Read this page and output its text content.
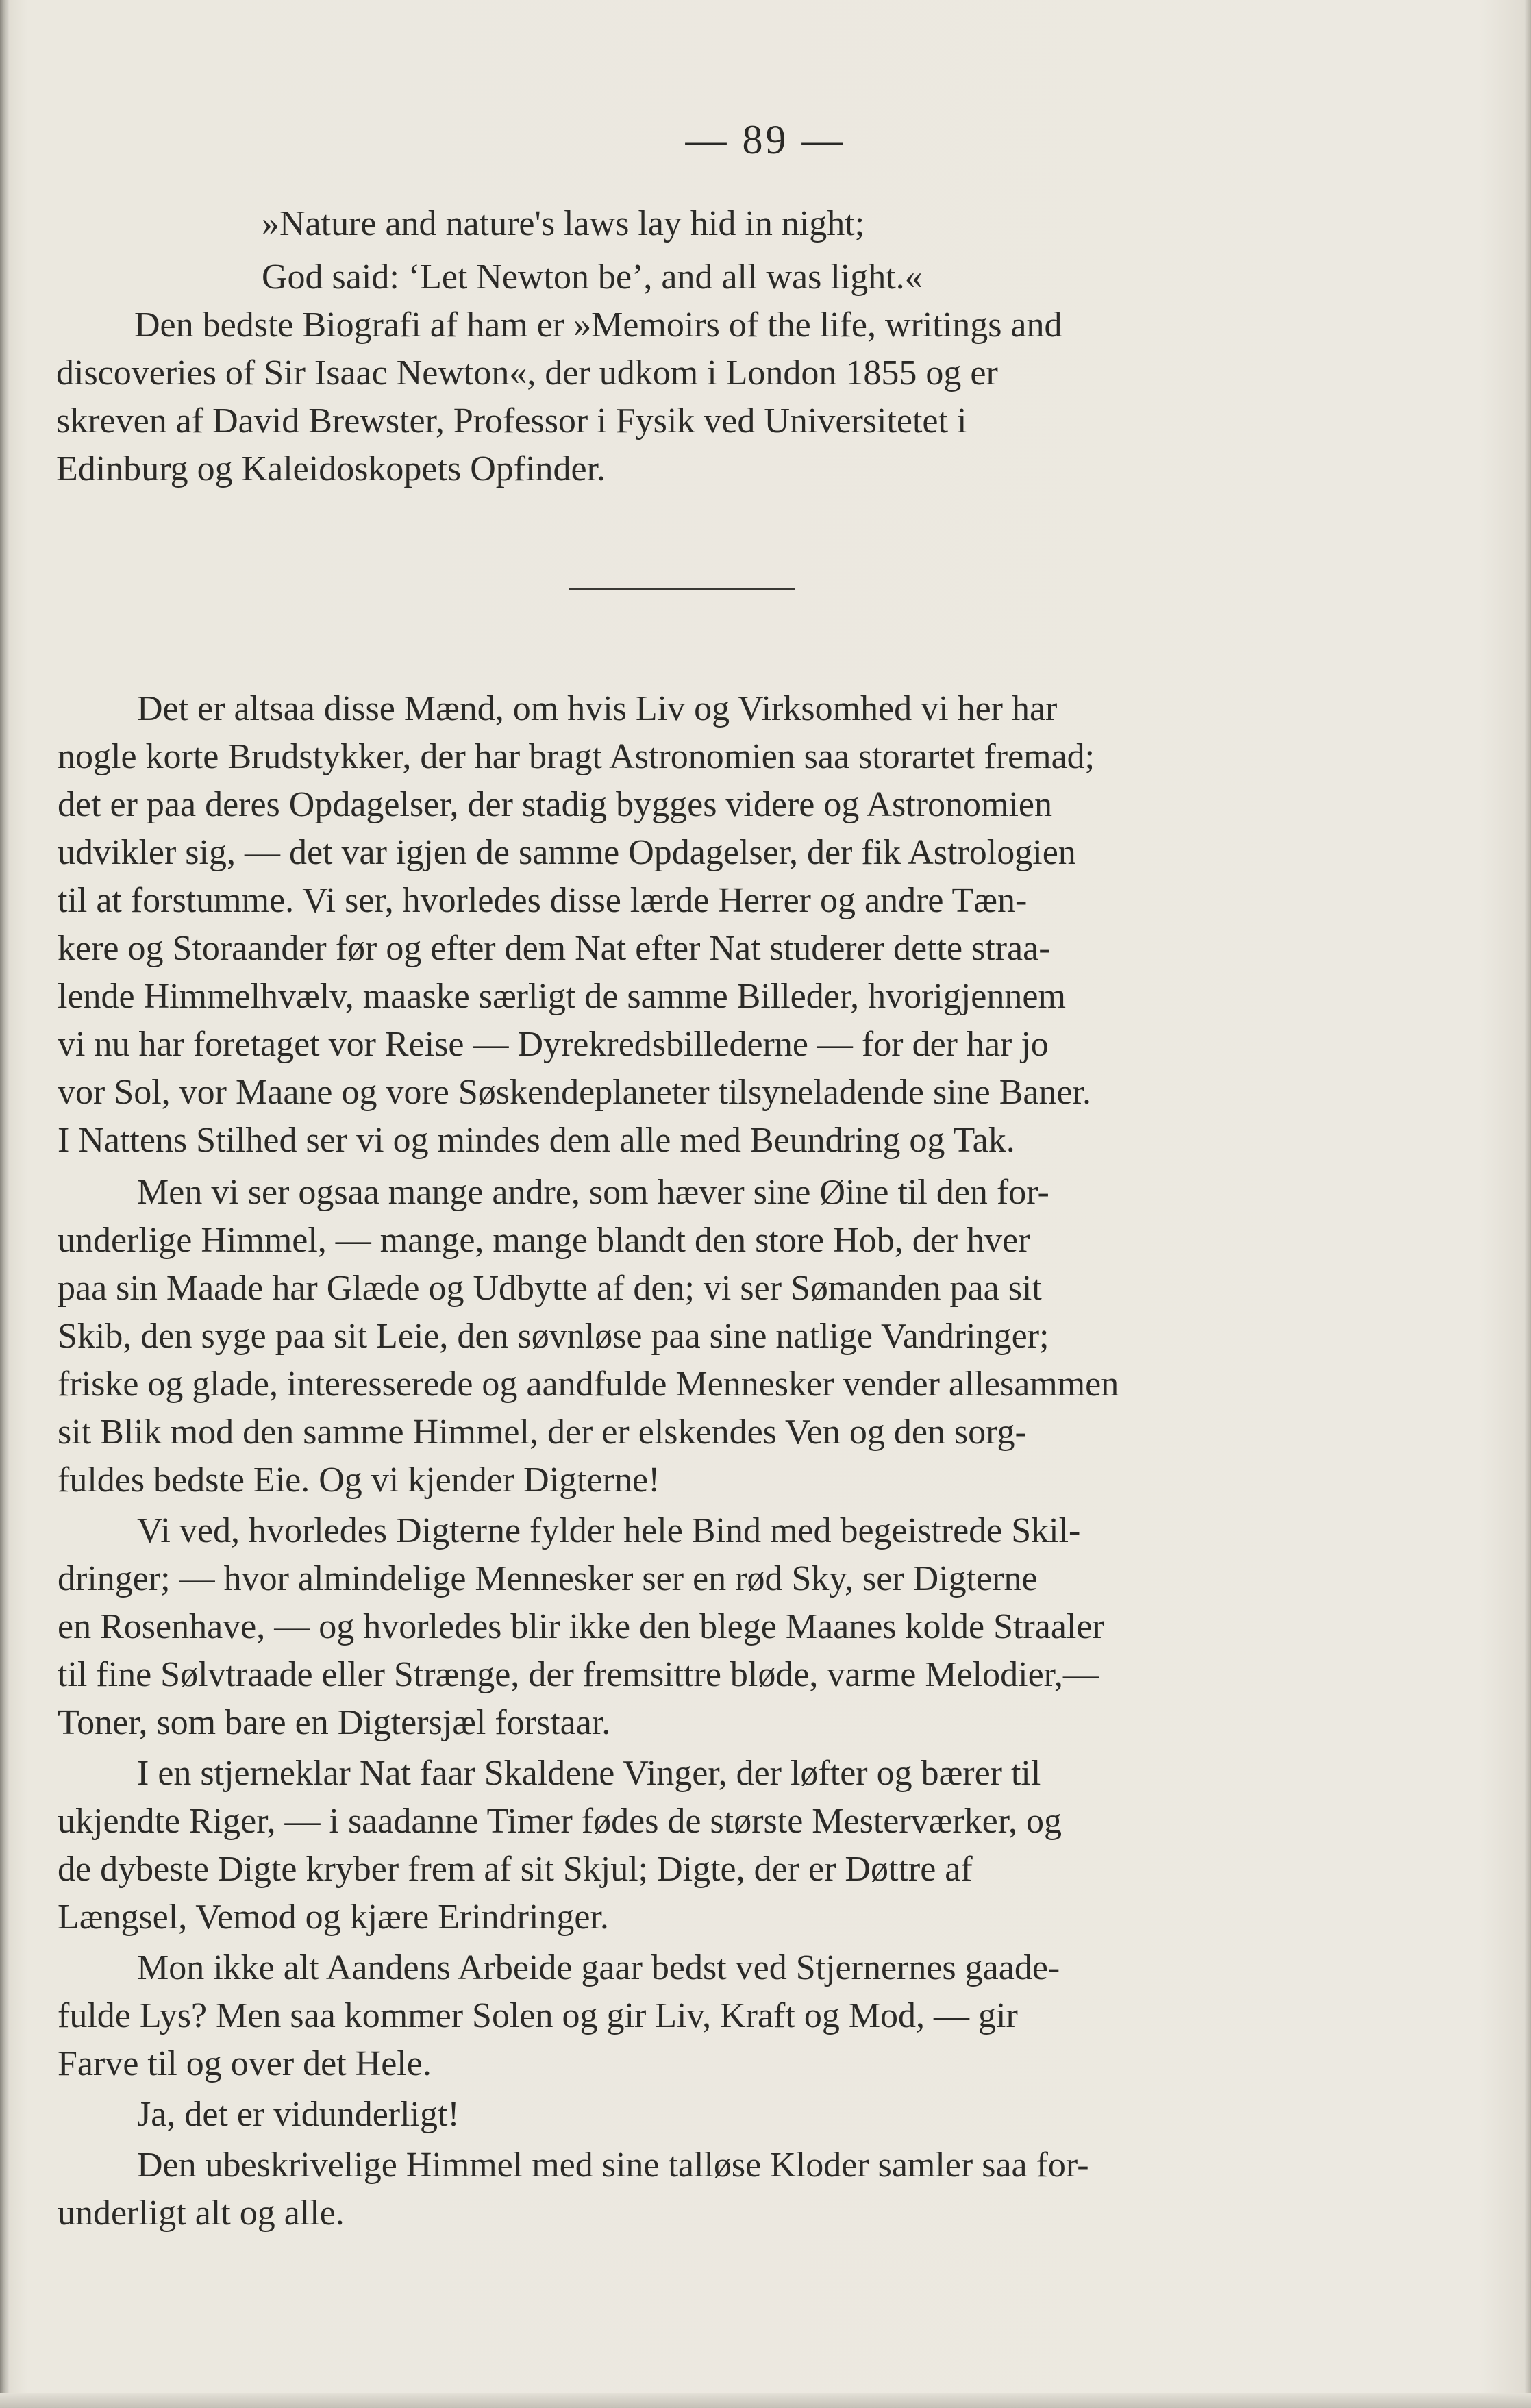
— 89 —
»Nature and nature's laws lay hid in night;
God said: ‘Let Newton be’, and all was light.«
Den bedste Biografi af ham er »Memoirs of the life, writings and
discoveries of Sir Isaac Newton«, der udkom i London 1855 og er
skreven af David Brewster, Professor i Fysik ved Universitetet i
Edinburg og Kaleidoskopets Opfinder.
Det er altsaa disse Mænd, om hvis Liv og Virksomhed vi her har
nogle korte Brudstykker, der har bragt Astronomien saa storartet fremad;
det er paa deres Opdagelser, der stadig bygges videre og Astronomien
udvikler sig, — det var igjen de samme Opdagelser, der fik Astrologien
til at forstumme. Vi ser, hvorledes disse lærde Herrer og andre Tæn-
kere og Storaander før og efter dem Nat efter Nat studerer dette straa-
lende Himmelhvælv, maaske særligt de samme Billeder, hvorigjennem
vi nu har foretaget vor Reise — Dyrekredsbillederne — for der har jo
vor Sol, vor Maane og vore Søskendeplaneter tilsyneladende sine Baner.
I Nattens Stilhed ser vi og mindes dem alle med Beundring og Tak.
Men vi ser ogsaa mange andre, som hæver sine Øine til den for-
underlige Himmel, — mange, mange blandt den store Hob, der hver
paa sin Maade har Glæde og Udbytte af den; vi ser Sømanden paa sit
Skib, den syge paa sit Leie, den søvnløse paa sine natlige Vandringer;
friske og glade, interesserede og aandfulde Mennesker vender allesammen
sit Blik mod den samme Himmel, der er elskendes Ven og den sorg-
fuldes bedste Eie. Og vi kjender Digterne!
Vi ved, hvorledes Digterne fylder hele Bind med begeistrede Skil-
dringer; — hvor almindelige Mennesker ser en rød Sky, ser Digterne
en Rosenhave, — og hvorledes blir ikke den blege Maanes kolde Straaler
til fine Sølvtraade eller Strænge, der fremsittre bløde, varme Melodier,—
Toner, som bare en Digtersjæl forstaar.
I en stjerneklar Nat faar Skaldene Vinger, der løfter og bærer til
ukjendte Riger, — i saadanne Timer fødes de største Mesterværker, og
de dybeste Digte kryber frem af sit Skjul; Digte, der er Døttre af
Længsel, Vemod og kjære Erindringer.
Mon ikke alt Aandens Arbeide gaar bedst ved Stjernernes gaade-
fulde Lys? Men saa kommer Solen og gir Liv, Kraft og Mod, — gir
Farve til og over det Hele.
Ja, det er vidunderligt!
Den ubeskrivelige Himmel med sine talløse Kloder samler saa for-
underligt alt og alle.
